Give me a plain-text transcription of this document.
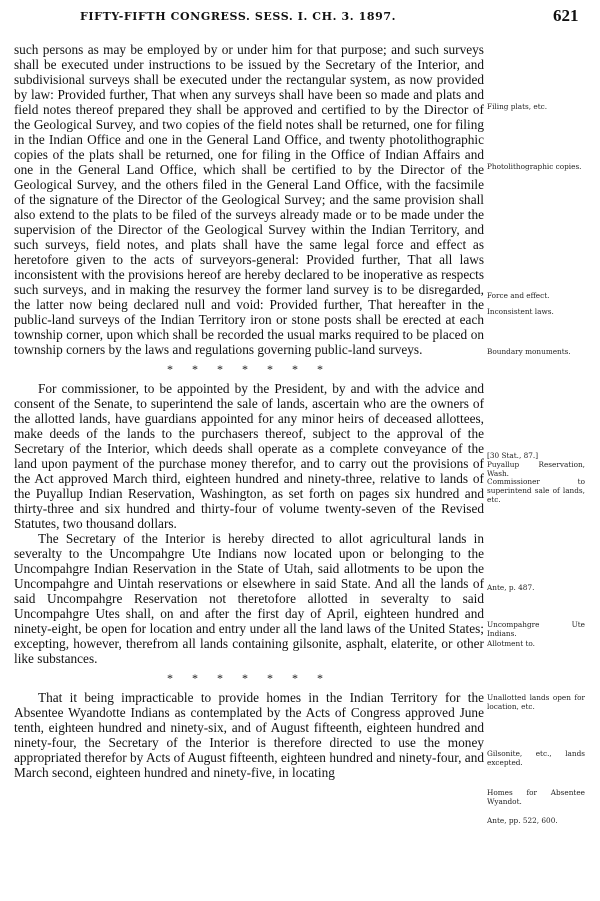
FIFTY-FIFTH CONGRESS. SESS. I. CH. 3. 1897.	621

such persons as may be employed by or under him for that purpose; and such surveys shall be executed under instructions to be issued by the Secretary of the Interior, and subdivisional surveys shall be executed under the rectangular system, as now provided by law: Provided further, That when any surveys shall have been so made and plats and field notes thereof prepared they shall be approved and certified to by the Director of the Geological Survey, and two copies of the field notes shall be returned, one for filing in the Indian Office and one in the General Land Office, and twenty photolithographic copies of the plats shall be returned, one for filing in the Office of Indian Affairs and one in the General Land Office, which shall be certified to by the Director of the Geological Survey, and the others filed in the General Land Office, with the facsimile of the signature of the Director of the Geological Survey; and the same provision shall also extend to the plats to be filed of the surveys already made or to be made under the supervision of the Director of the Geological Survey within the Indian Territory, and such surveys, field notes, and plats shall have the same legal force and effect as heretofore given to the acts of surveyors-general: Provided further, That all laws inconsistent with the provisions hereof are hereby declared to be inoperative as respects such surveys, and in making the resurvey the former land survey is to be disregarded, the latter now being declared null and void: Provided further, That hereafter in the public-land surveys of the Indian Territory iron or stone posts shall be erected at each township corner, upon which shall be recorded the usual marks required to be placed on township corners by the laws and regulations governing public-land surveys.

* * * * * * *

For commissioner, to be appointed by the President, by and with the advice and consent of the Senate, to superintend the sale of lands, ascertain who are the owners of the allotted lands, have guardians appointed for any minor heirs of deceased allottees, make deeds of the lands to the purchasers thereof, subject to the approval of the Secretary of the Interior, which deeds shall operate as a complete conveyance of the land upon payment of the purchase money therefor, and to carry out the provisions of the Act approved March third, eighteen hundred and ninety-three, relative to lands of the Puyallup Indian Reservation, Washington, as set forth on pages six hundred and thirty-three and six hundred and thirty-four of volume twenty-seven of the Revised Statutes, two thousand dollars.

The Secretary of the Interior is hereby directed to allot agricultural lands in severalty to the Uncompahgre Ute Indians now located upon or belonging to the Uncompahgre Indian Reservation in the State of Utah, said allotments to be upon the Uncompahgre and Uintah reservations or elsewhere in said State. And all the lands of said Uncompahgre Reservation not theretofore allotted in severalty to said Uncompahgre Utes shall, on and after the first day of April, eighteen hundred and ninety-eight, be open for location and entry under all the land laws of the United States; excepting, however, therefrom all lands containing gilsonite, asphalt, elaterite, or other like substances.

* * * * * * *

That it being impracticable to provide homes in the Indian Territory for the Absentee Wyandotte Indians as contemplated by the Acts of Congress approved June tenth, eighteen hundred and ninety-six, and of August fifteenth, eighteen hundred and ninety-four, the Secretary of the Interior is therefore directed to use the money appropriated therefor by Acts of August fifteenth, eighteen hundred and ninety-four, and March second, eighteen hundred and ninety-five, in locating

Filing plats, etc.
Photolithographic copies.
Force and effect.
Inconsistent laws.
Boundary monuments.
[30 Stat., 87.]
Puyallup Reservation, Wash.
Commissioner to superintend sale of lands, etc.
Ante, p. 487.
Uncompahgre Ute Indians.
Allotment to.
Unallotted lands open for location, etc.
Gilsonite, etc., lands excepted.
Homes for Absentee Wyandot.
Ante, pp. 522, 600.
